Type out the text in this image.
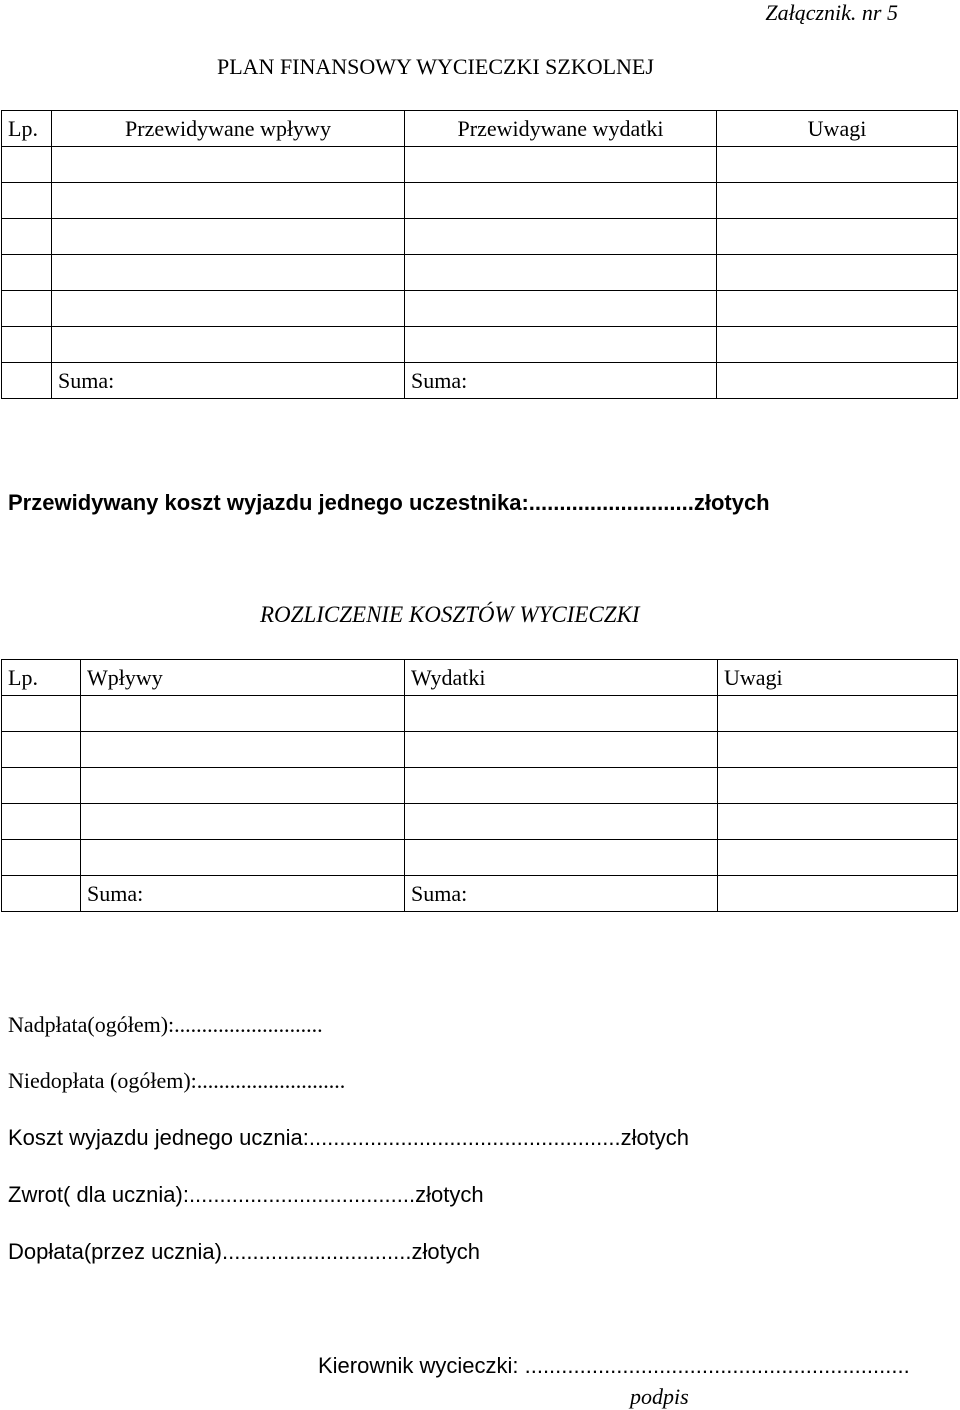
Załącznik. nr 5
PLAN FINANSOWY WYCIECZKI SZKOLNEJ
Lp.	Przewidywane wpływy	Przewidywane wydatki	Uwagi

	Suma:	Suma:	
Przewidywany koszt wyjazdu jednego uczestnika:...........................złotych
ROZLICZENIE KOSZTÓW WYCIECZKI
Lp.	Wpływy	Wydatki	Uwagi

	Suma:	Suma:	
Nadpłata(ogółem):...........................
Niedopłata (ogółem):...........................
Koszt wyjazdu jednego ucznia:...................................................złotych
Zwrot( dla ucznia):.....................................złotych
Dopłata(przez ucznia)...............................złotych
Kierownik wycieczki: ...............................................................
podpis
